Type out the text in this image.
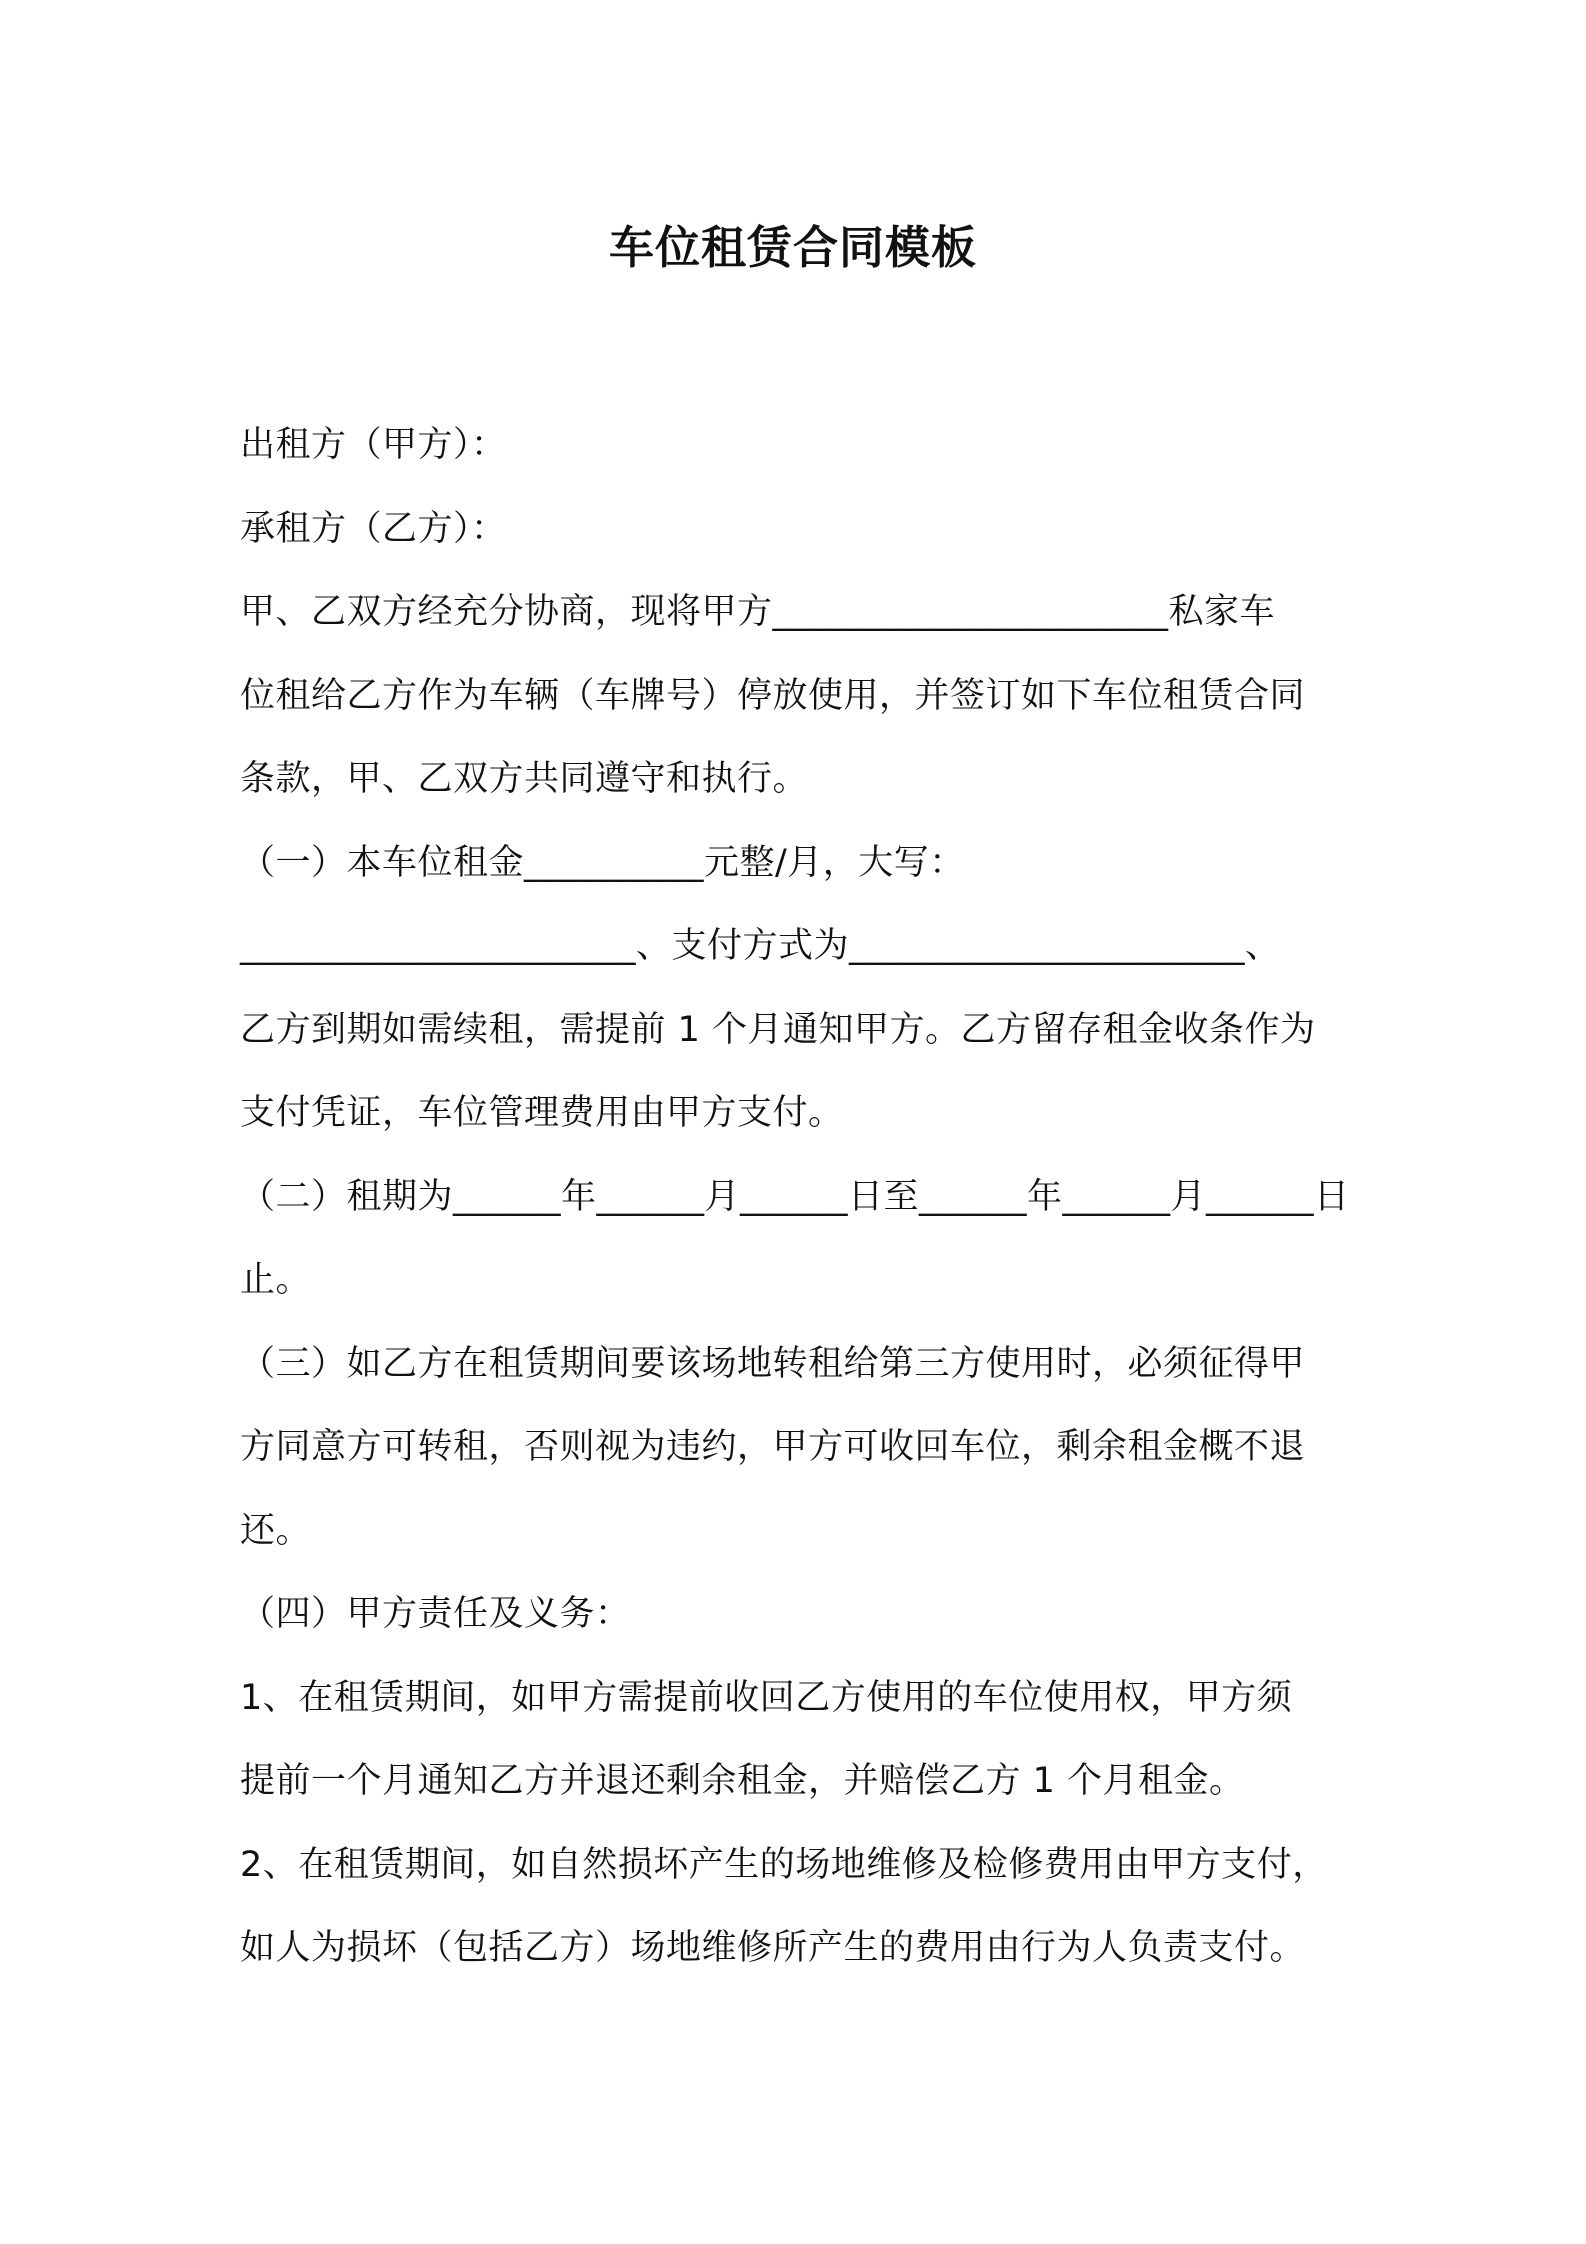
车位租赁合同模板
出租方（甲方）：
承租方（乙方）：
甲、乙双方经充分协商，现将甲方______________________私家车
位租给乙方作为车辆（车牌号）停放使用，并签订如下车位租赁合同
条款，甲、乙双方共同遵守和执行。
（一）本车位租金__________元整/月，大写：
______________________、支付方式为______________________、
乙方到期如需续租，需提前 1 个月通知甲方。乙方留存租金收条作为
支付凭证，车位管理费用由甲方支付。
（二）租期为______年______月______日至______年______月______日
止。
（三）如乙方在租赁期间要该场地转租给第三方使用时，必须征得甲
方同意方可转租，否则视为违约，甲方可收回车位，剩余租金概不退
还。
（四）甲方责任及义务：
1、在租赁期间，如甲方需提前收回乙方使用的车位使用权，甲方须
提前一个月通知乙方并退还剩余租金，并赔偿乙方 1 个月租金。
2、在租赁期间，如自然损坏产生的场地维修及检修费用由甲方支付，
如人为损坏（包括乙方）场地维修所产生的费用由行为人负责支付。
